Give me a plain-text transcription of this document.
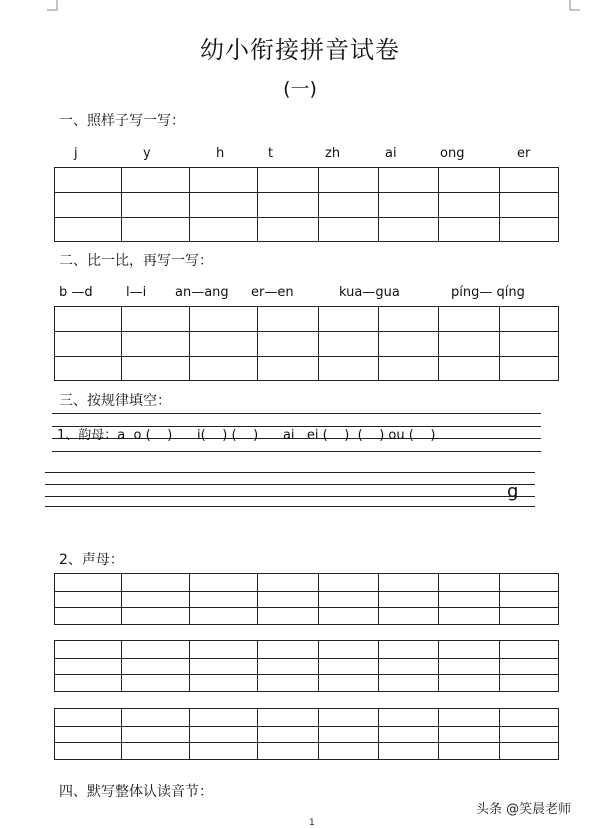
幼小衔接拼音试卷
(一)
一、照样子写一写：
j	y	h	t	zh	ai	ong	er
二、比一比，再写一写：
b —d	l—i an—ang er—en	kua—gua	píng— qíng
三、按规律填空：
1、韵母：a  o (    )      i(    ) (    )      ai   ei (    )  (    ) ou (    )
g
2、声母：
四、默写整体认读音节：
头条 @笑晨老师
1
